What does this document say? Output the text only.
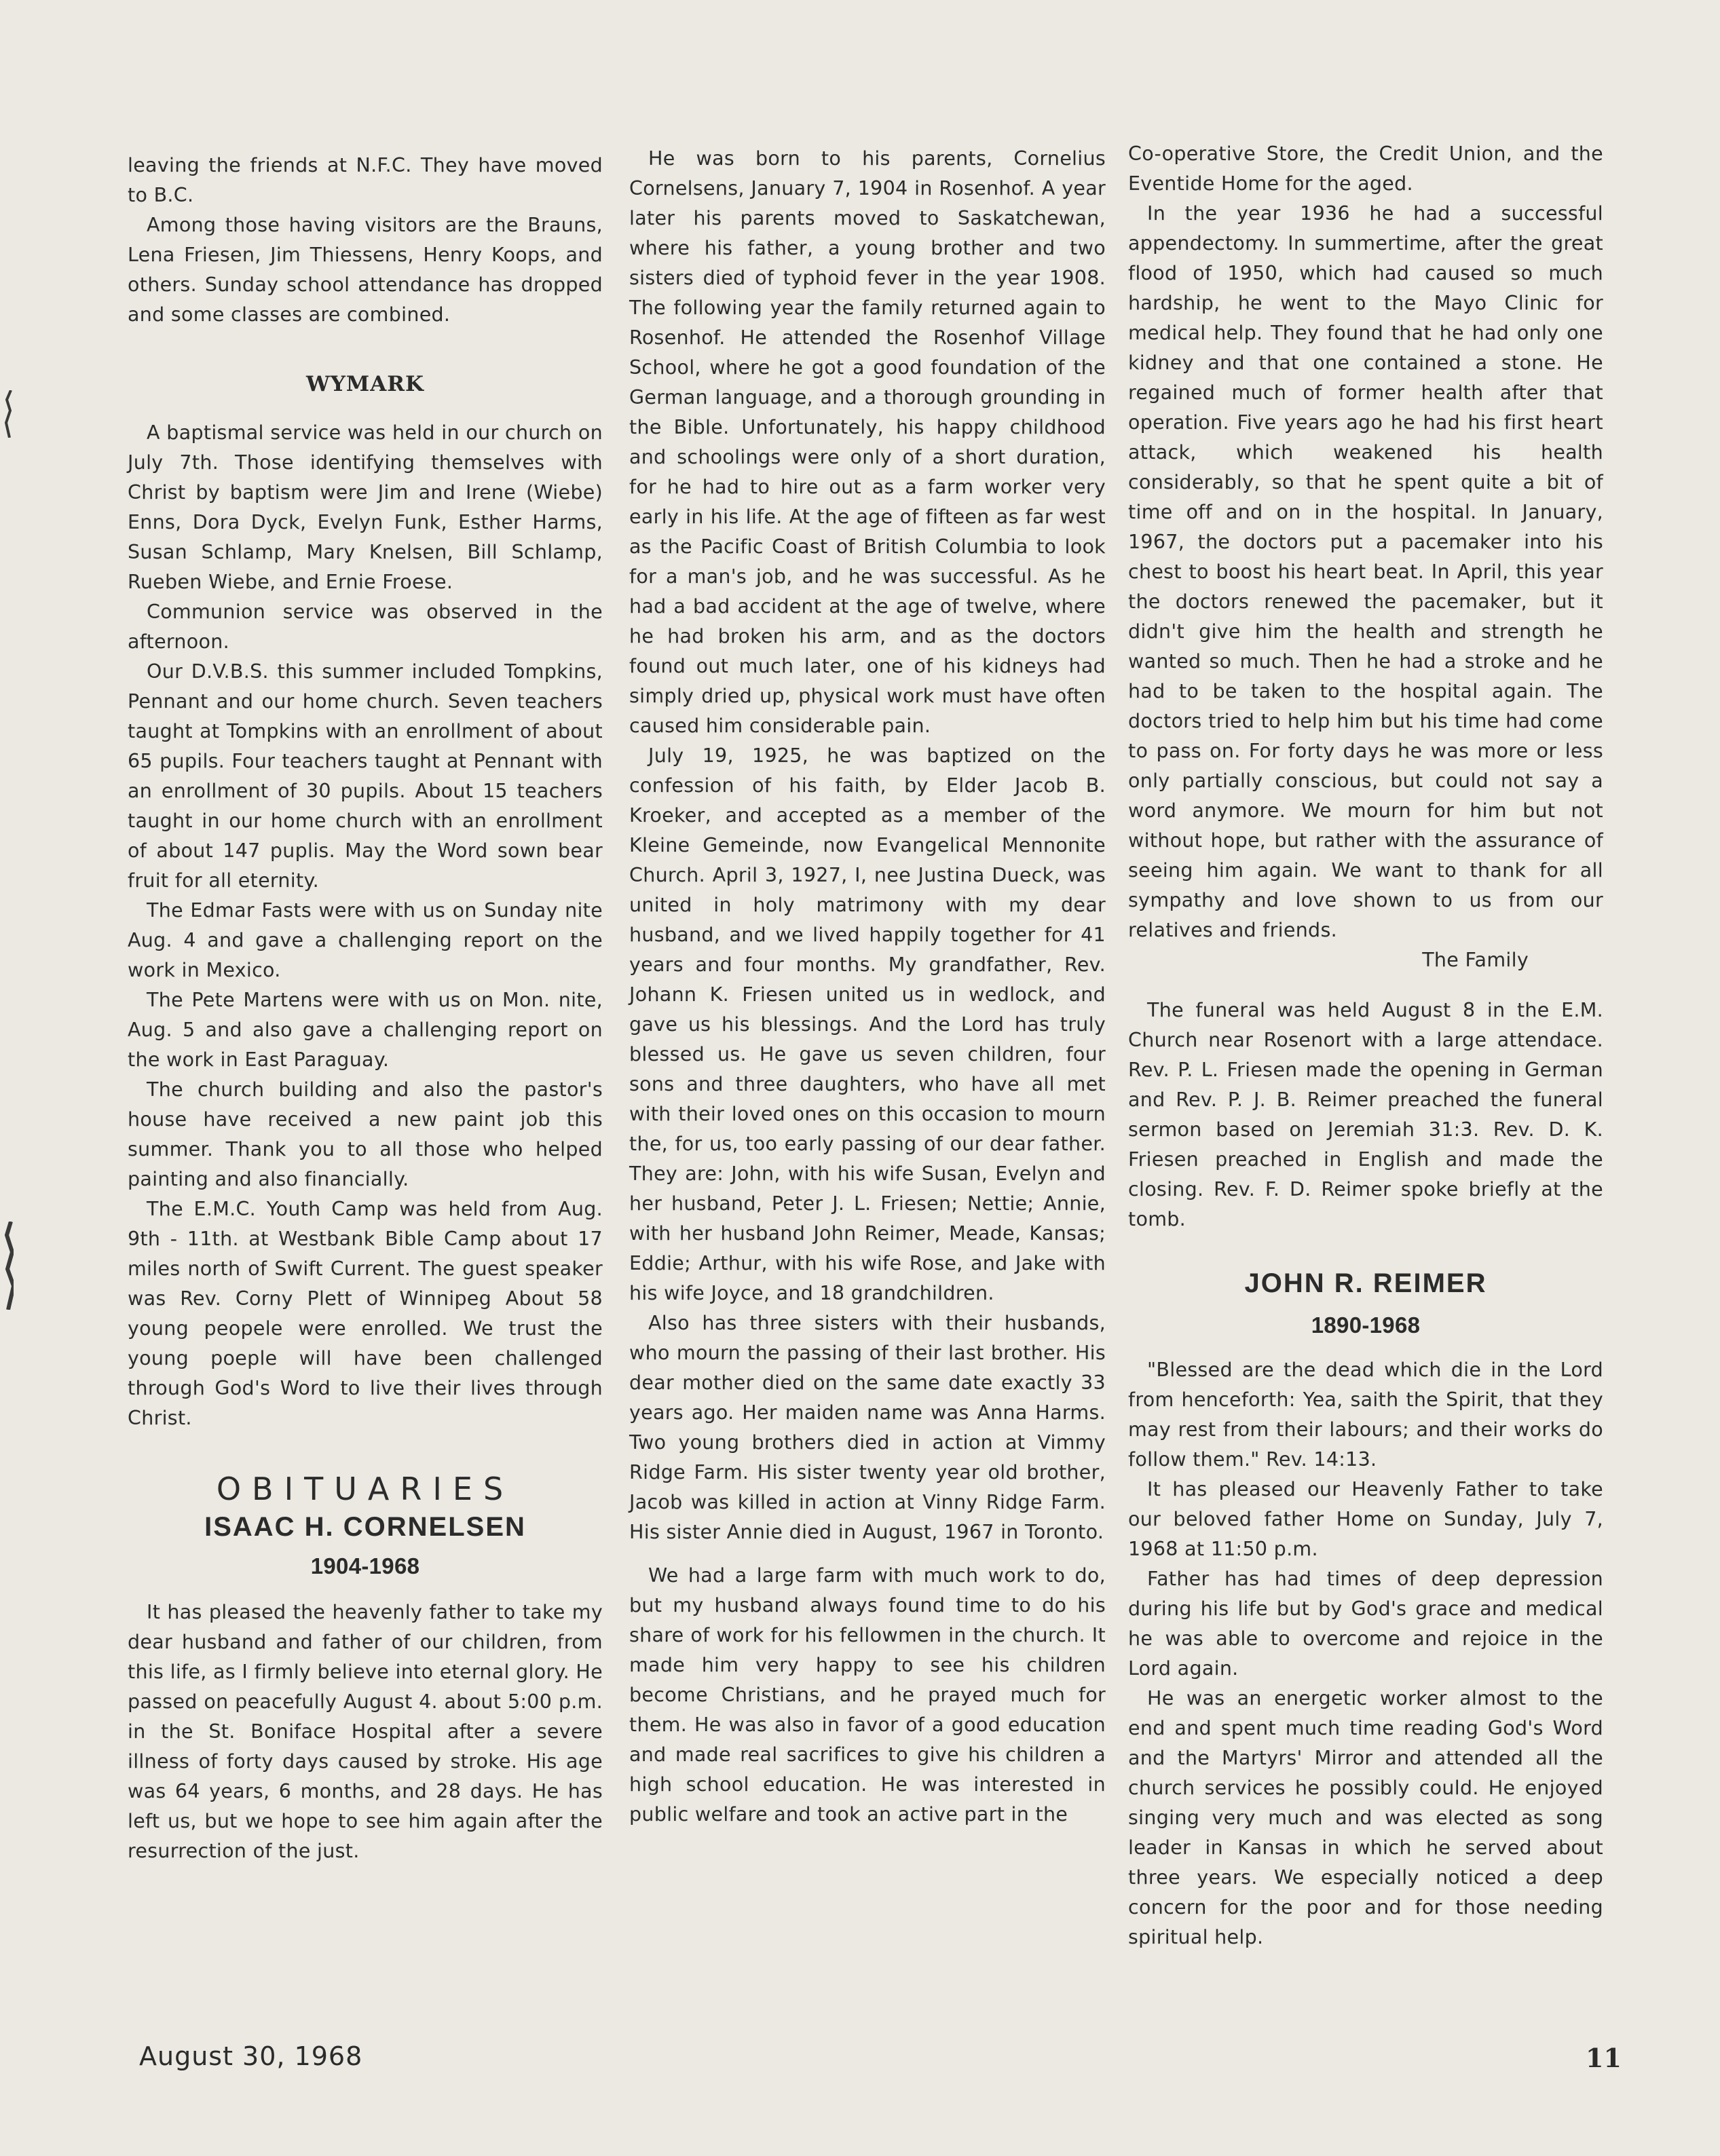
leaving the friends at N.F.C. They have moved to B.C.

Among those having visitors are the Brauns, Lena Friesen, Jim Thiessens, Henry Koops, and others. Sunday school attendance has dropped and some classes are combined.

WYMARK

A baptismal service was held in our church on July 7th. Those identifying themselves with Christ by baptism were Jim and Irene (Wiebe) Enns, Dora Dyck, Evelyn Funk, Esther Harms, Susan Schlamp, Mary Knelsen, Bill Schlamp, Rueben Wiebe, and Ernie Froese.

Communion service was observed in the afternoon.

Our D.V.B.S. this summer included Tompkins, Pennant and our home church. Seven teachers taught at Tompkins with an enrollment of about 65 pupils. Four teachers taught at Pennant with an enrollment of 30 pupils. About 15 teachers taught in our home church with an enrollment of about 147 puplis. May the Word sown bear fruit for all eternity.

The Edmar Fasts were with us on Sunday nite Aug. 4 and gave a challenging report on the work in Mexico.

The Pete Martens were with us on Mon. nite, Aug. 5 and also gave a challenging report on the work in East Paraguay.

The church building and also the pastor's house have received a new paint job this summer. Thank you to all those who helped painting and also financially.

The E.M.C. Youth Camp was held from Aug. 9th - 11th. at Westbank Bible Camp about 17 miles north of Swift Current. The guest speaker was Rev. Corny Plett of Winnipeg About 58 young peopele were enrolled. We trust the young poeple will have been challenged through God's Word to live their lives through Christ.

OBITUARIES
ISAAC H. CORNELSEN
1904-1968

It has pleased the heavenly father to take my dear husband and father of our children, from this life, as I firmly believe into eternal glory. He passed on peacefully August 4. about 5:00 p.m. in the St. Boniface Hospital after a severe illness of forty days caused by stroke. His age was 64 years, 6 months, and 28 days. He has left us, but we hope to see him again after the resurrection of the just.

He was born to his parents, Cornelius Cornelsens, January 7, 1904 in Rosenhof. A year later his parents moved to Saskatchewan, where his father, a young brother and two sisters died of typhoid fever in the year 1908. The following year the family returned again to Rosenhof. He attended the Rosenhof Village School, where he got a good foundation of the German language, and a thorough grounding in the Bible. Unfortunately, his happy childhood and schoolings were only of a short duration, for he had to hire out as a farm worker very early in his life. At the age of fifteen as far west as the Pacific Coast of British Columbia to look for a man's job, and he was successful. As he had a bad accident at the age of twelve, where he had broken his arm, and as the doctors found out much later, one of his kidneys had simply dried up, physical work must have often caused him considerable pain.

July 19, 1925, he was baptized on the confession of his faith, by Elder Jacob B. Kroeker, and accepted as a member of the Kleine Gemeinde, now Evangelical Mennonite Church. April 3, 1927, I, nee Justina Dueck, was united in holy matrimony with my dear husband, and we lived happily together for 41 years and four months. My grandfather, Rev. Johann K. Friesen united us in wedlock, and gave us his blessings. And the Lord has truly blessed us. He gave us seven children, four sons and three daughters, who have all met with their loved ones on this occasion to mourn the, for us, too early passing of our dear father. They are: John, with his wife Susan, Evelyn and her husband, Peter J. L. Friesen; Nettie; Annie, with her husband John Reimer, Meade, Kansas; Eddie; Arthur, with his wife Rose, and Jake with his wife Joyce, and 18 grandchildren.

Also has three sisters with their husbands, who mourn the passing of their last brother. His dear mother died on the same date exactly 33 years ago. Her maiden name was Anna Harms. Two young brothers died in action at Vimmy Ridge Farm. His sister twenty year old brother, Jacob was killed in action at Vinny Ridge Farm. His sister Annie died in August, 1967 in Toronto.

We had a large farm with much work to do, but my husband always found time to do his share of work for his fellowmen in the church. It made him very happy to see his children become Christians, and he prayed much for them. He was also in favor of a good education and made real sacrifices to give his children a high school education. He was interested in public welfare and took an active part in the

Co-operative Store, the Credit Union, and the Eventide Home for the aged.

In the year 1936 he had a successful appendectomy. In summertime, after the great flood of 1950, which had caused so much hardship, he went to the Mayo Clinic for medical help. They found that he had only one kidney and that one contained a stone. He regained much of former health after that operation. Five years ago he had his first heart attack, which weakened his health considerably, so that he spent quite a bit of time off and on in the hospital. In January, 1967, the doctors put a pacemaker into his chest to boost his heart beat. In April, this year the doctors renewed the pacemaker, but it didn't give him the health and strength he wanted so much. Then he had a stroke and he had to be taken to the hospital again. The doctors tried to help him but his time had come to pass on. For forty days he was more or less only partially conscious, but could not say a word anymore. We mourn for him but not without hope, but rather with the assurance of seeing him again. We want to thank for all sympathy and love shown to us from our relatives and friends.

The Family

The funeral was held August 8 in the E.M. Church near Rosenort with a large attendace. Rev. P. L. Friesen made the opening in German and Rev. P. J. B. Reimer preached the funeral sermon based on Jeremiah 31:3. Rev. D. K. Friesen preached in English and made the closing. Rev. F. D. Reimer spoke briefly at the tomb.

JOHN R. REIMER
1890-1968

"Blessed are the dead which die in the Lord from henceforth: Yea, saith the Spirit, that they may rest from their labours; and their works do follow them." Rev. 14:13.

It has pleased our Heavenly Father to take our beloved father Home on Sunday, July 7, 1968 at 11:50 p.m.

Father has had times of deep depression during his life but by God's grace and medical he was able to overcome and rejoice in the Lord again.

He was an energetic worker almost to the end and spent much time reading God's Word and the Martyrs' Mirror and attended all the church services he possibly could. He enjoyed singing very much and was elected as song leader in Kansas in which he served about three years. We especially noticed a deep concern for the poor and for those needing spiritual help.

August 30, 1968	11
